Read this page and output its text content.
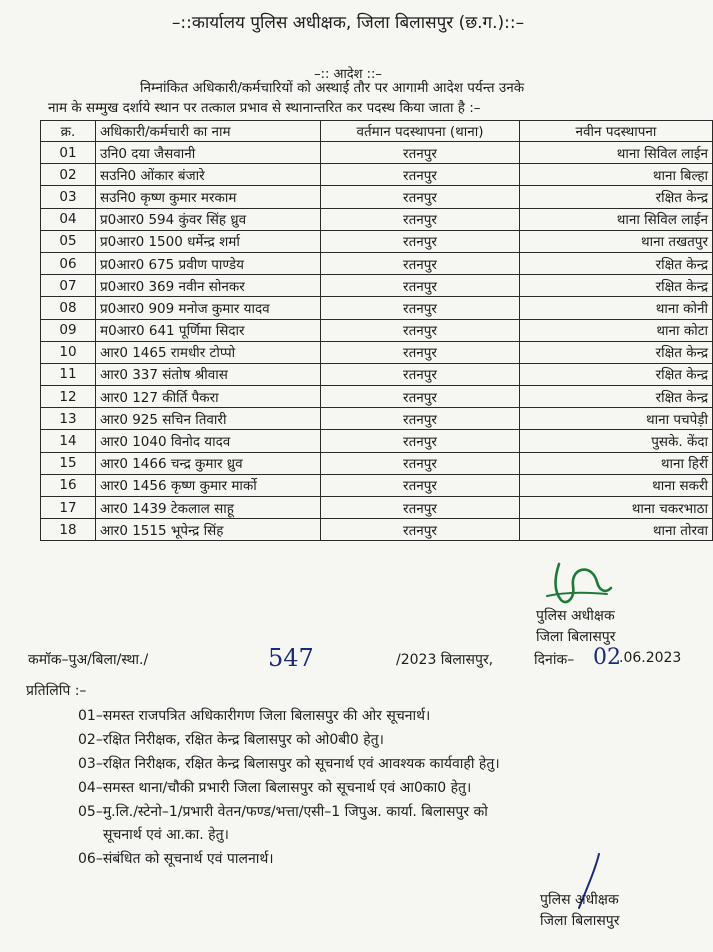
–::कार्यालय पुलिस अधीक्षक, जिला बिलासपुर (छ.ग.)::–
–:: आदेश ::–
निम्नांकित अधिकारी/कर्मचारियों को अस्थाई तौर पर आगामी आदेश पर्यन्त उनके
नाम के सम्मुख दर्शाये स्थान पर तत्काल प्रभाव से स्थानान्तरित कर पदस्थ किया जाता है :–
क्र.	अधिकारी/कर्मचारी का नाम	वर्तमान पदस्थापना (थाना)	नवीन पदस्थापना
01	उनि0 दया जैसवानी	रतनपुर	थाना सिविल लाईन
02	सउनि0 ओंकार बंजारे	रतनपुर	थाना बिल्हा
03	सउनि0 कृष्ण कुमार मरकाम	रतनपुर	रक्षित केन्द्र
04	प्र0आर0 594 कुंवर सिंह ध्रुव	रतनपुर	थाना सिविल लाईन
05	प्र0आर0 1500 धर्मेन्द्र शर्मा	रतनपुर	थाना तखतपुर
06	प्र0आर0 675 प्रवीण पाण्डेय	रतनपुर	रक्षित केन्द्र
07	प्र0आर0 369 नवीन सोनकर	रतनपुर	रक्षित केन्द्र
08	प्र0आर0 909 मनोज कुमार यादव	रतनपुर	थाना कोनी
09	म0आर0 641 पूर्णिमा सिदार	रतनपुर	थाना कोटा
10	आर0 1465 रामधीर टोप्पो	रतनपुर	रक्षित केन्द्र
11	आर0 337 संतोष श्रीवास	रतनपुर	रक्षित केन्द्र
12	आर0 127 कीर्ति पैकरा	रतनपुर	रक्षित केन्द्र
13	आर0 925 सचिन तिवारी	रतनपुर	थाना पचपेड़ी
14	आर0 1040 विनोद यादव	रतनपुर	पुसके. केंदा
15	आर0 1466 चन्द्र कुमार ध्रुव	रतनपुर	थाना हिर्री
16	आर0 1456 कृष्ण कुमार मार्को	रतनपुर	थाना सकरी
17	आर0 1439 टेकलाल साहू	रतनपुर	थाना चकरभाठा
18	आर0 1515 भूपेन्द्र सिंह	रतनपुर	थाना तोरवा
पुलिस अधीक्षक
जिला बिलासपुर
कमॉक–पुअ/बिला/स्था./	547	/2023 बिलासपुर,	दिनांक– 02
.06.2023
प्रतिलिपि :–
01–समस्त राजपत्रित अधिकारीगण जिला बिलासपुर की ओर सूचनार्थ।
02–रक्षित निरीक्षक, रक्षित केन्द्र बिलासपुर को ओ0बी0 हेतु।
03–रक्षित निरीक्षक, रक्षित केन्द्र बिलासपुर को सूचनार्थ एवं आवश्यक कार्यवाही हेतु।
04–समस्त थाना/चौकी प्रभारी जिला बिलासपुर को सूचनार्थ एवं आ0का0 हेतु।
05–मु.लि./स्टेनो–1/प्रभारी वेतन/फण्ड/भत्ता/एसी–1 जिपुअ. कार्या. बिलासपुर को
सूचनार्थ एवं आ.का. हेतु।
06–संबंधित को सूचनार्थ एवं पालनार्थ।
पुलिस अधीक्षक
जिला बिलासपुर
